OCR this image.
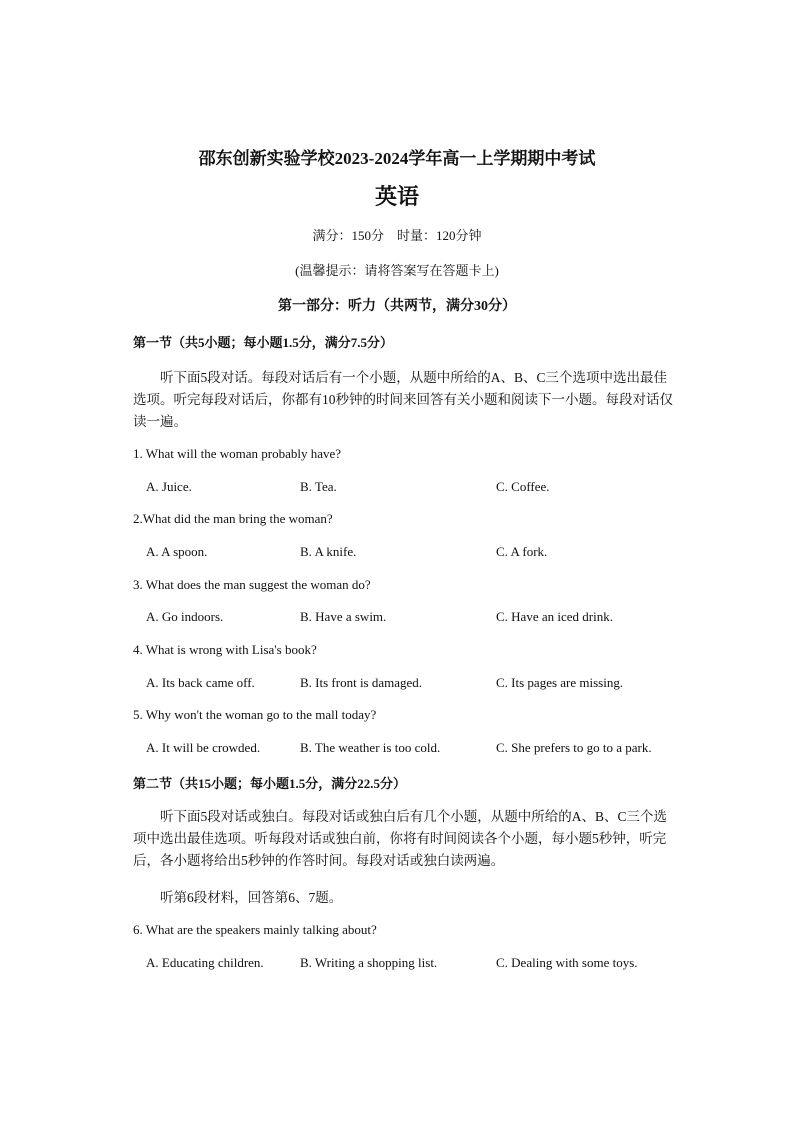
邵东创新实验学校2023-2024学年高一上学期期中考试
英语
满分：150分　时量：120分钟
(温馨提示：请将答案写在答题卡上)
第一部分：听力（共两节，满分30分）
第一节（共5小题；每小题1.5分，满分7.5分）
听下面5段对话。每段对话后有一个小题，从题中所给的A、B、C三个选项中选出最佳选项。听完每段对话后，你都有10秒钟的时间来回答有关小题和阅读下一小题。每段对话仅读一遍。
1. What will the woman probably have?
A. Juice.	B. Tea.	C. Coffee.
2.What did the man bring the woman?
A. A spoon.	B. A knife.	C. A fork.
3. What does the man suggest the woman do?
A. Go indoors.	B. Have a swim.	C. Have an iced drink.
4. What is wrong with Lisa's book?
A. Its back came off.	B. Its front is damaged.	C. Its pages are missing.
5. Why won't the woman go to the mall today?
A. It will be crowded.	B. The weather is too cold.	C. She prefers to go to a park.
第二节（共15小题；每小题1.5分，满分22.5分）
听下面5段对话或独白。每段对话或独白后有几个小题，从题中所给的A、B、C三个选项中选出最佳选项。听每段对话或独白前，你将有时间阅读各个小题，每小题5秒钟，听完后，各小题将给出5秒钟的作答时间。每段对话或独白读两遍。
听第6段材料，回答第6、7题。
6. What are the speakers mainly talking about?
A. Educating children.	B. Writing a shopping list.	C. Dealing with some toys.
